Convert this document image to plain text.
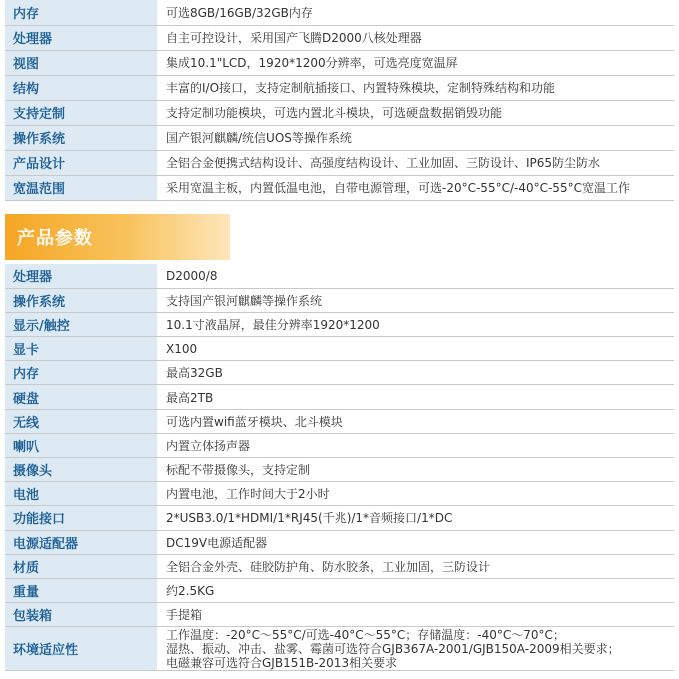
内存	可选8GB/16GB/32GB内存
处理器	自主可控设计，采用国产飞腾D2000八核处理器
视图	集成10.1"LCD，1920*1200分辨率，可选亮度宽温屏
结构	丰富的I/O接口，支持定制航插接口、内置特殊模块，定制特殊结构和功能
支持定制	支持定制功能模块，可选内置北斗模块，可选硬盘数据销毁功能
操作系统	国产银河麒麟/统信UOS等操作系统
产品设计	全铝合金便携式结构设计、高强度结构设计、工业加固、三防设计、IP65防尘防水
宽温范围	采用宽温主板，内置低温电池，自带电源管理，可选-20°C-55°C/-40°C-55°C宽温工作
产品参数
处理器	D2000/8
操作系统	支持国产银河麒麟等操作系统
显示/触控	10.1寸液晶屏，最佳分辨率1920*1200
显卡	X100
内存	最高32GB
硬盘	最高2TB
无线	可选内置wifi蓝牙模块、北斗模块
喇叭	内置立体扬声器
摄像头	标配不带摄像头，支持定制
电池	内置电池，工作时间大于2小时
功能接口	2*USB3.0/1*HDMI/1*RJ45(千兆)/1*音频接口/1*DC
电源适配器	DC19V电源适配器
材质	全铝合金外壳、硅胶防护角、防水胶条，工业加固，三防设计
重量	约2.5KG
包装箱	手提箱
环境适应性	工作温度：-20°C～55°C/可选-40°C～55°C；存储温度：-40°C～70°C；
湿热、振动、冲击、盐雾、霉菌可选符合GJB367A-2001/GJB150A-2009相关要求；
电磁兼容可选符合GJB151B-2013相关要求
